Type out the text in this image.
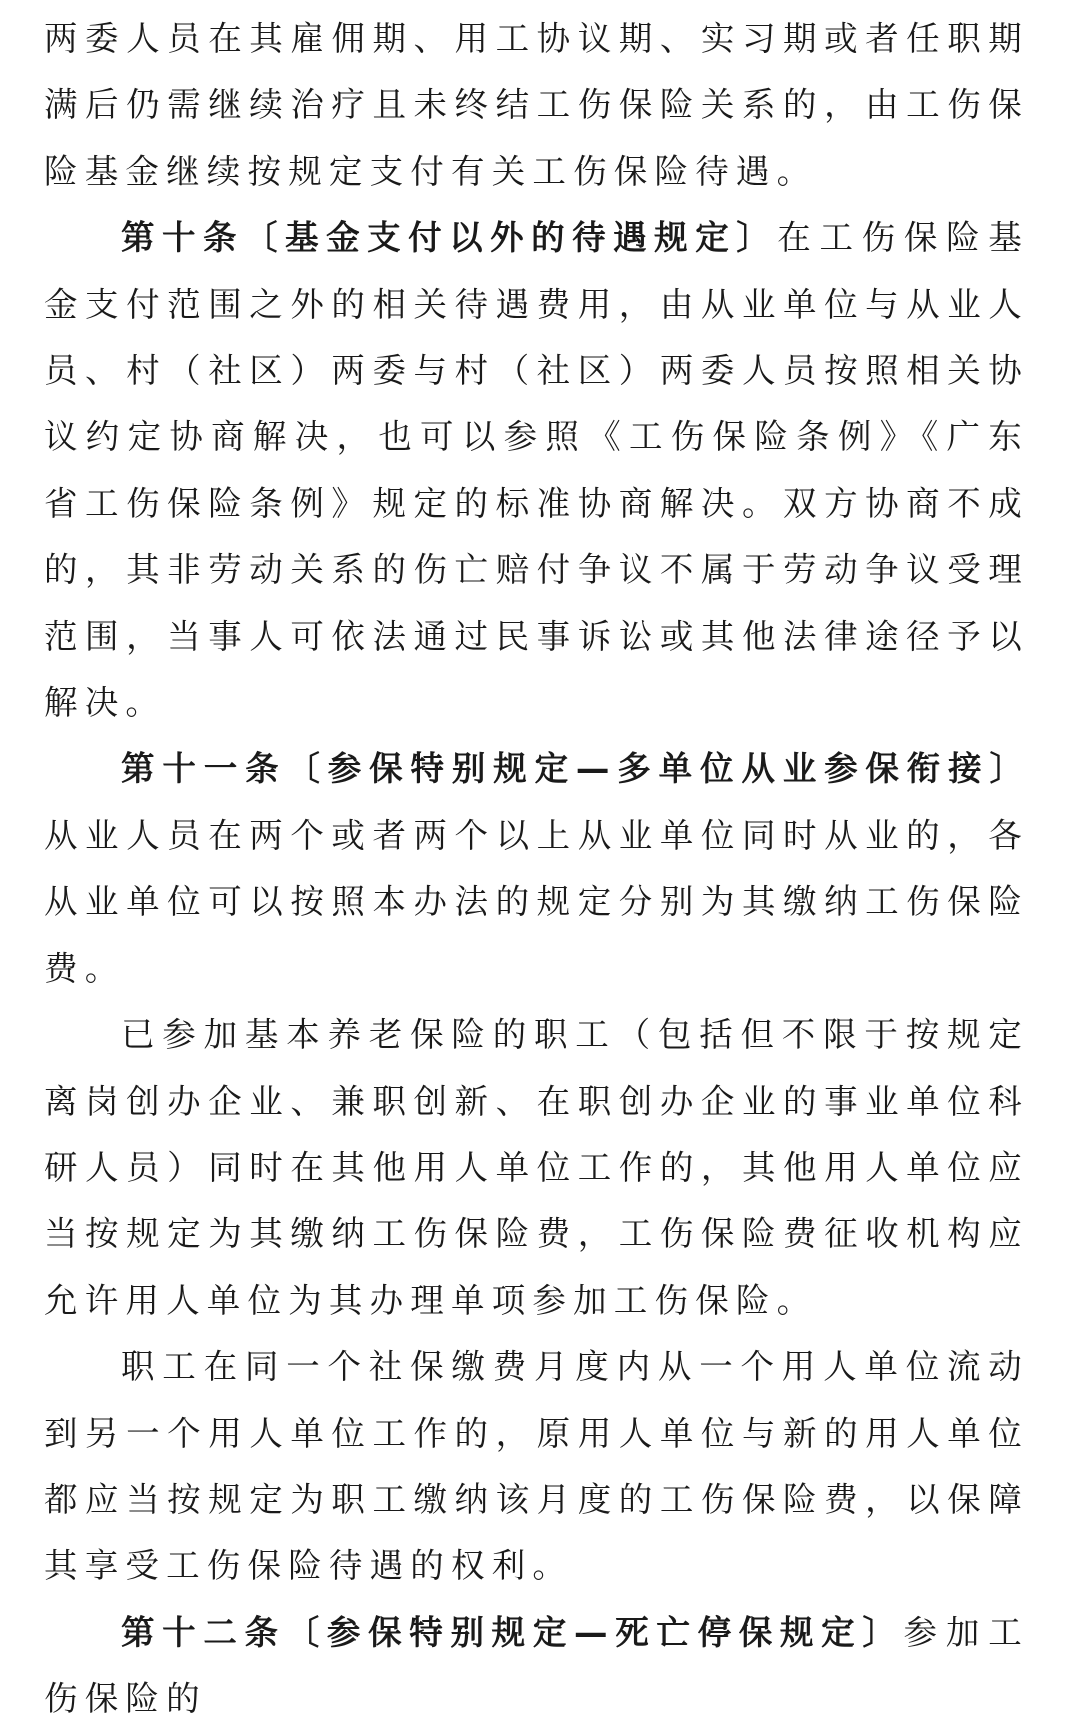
两委人员在其雇佣期、用工协议期、实习期或者任职期满后仍需继续治疗且未终结工伤保险关系的，由工伤保险基金继续按规定支付有关工伤保险待遇。

第十条〔基金支付以外的待遇规定〕在工伤保险基金支付范围之外的相关待遇费用，由从业单位与从业人员、村（社区）两委与村（社区）两委人员按照相关协议约定协商解决，也可以参照《工伤保险条例》《广东省工伤保险条例》规定的标准协商解决。双方协商不成的，其非劳动关系的伤亡赔付争议不属于劳动争议受理范围，当事人可依法通过民事诉讼或其他法律途径予以解决。

第十一条〔参保特别规定—多单位从业参保衔接〕从业人员在两个或者两个以上从业单位同时从业的，各从业单位可以按照本办法的规定分别为其缴纳工伤保险费。

已参加基本养老保险的职工（包括但不限于按规定离岗创办企业、兼职创新、在职创办企业的事业单位科研人员）同时在其他用人单位工作的，其他用人单位应当按规定为其缴纳工伤保险费，工伤保险费征收机构应允许用人单位为其办理单项参加工伤保险。

职工在同一个社保缴费月度内从一个用人单位流动到另一个用人单位工作的，原用人单位与新的用人单位都应当按规定为职工缴纳该月度的工伤保险费，以保障其享受工伤保险待遇的权利。

第十二条〔参保特别规定—死亡停保规定〕参加工伤保险的
